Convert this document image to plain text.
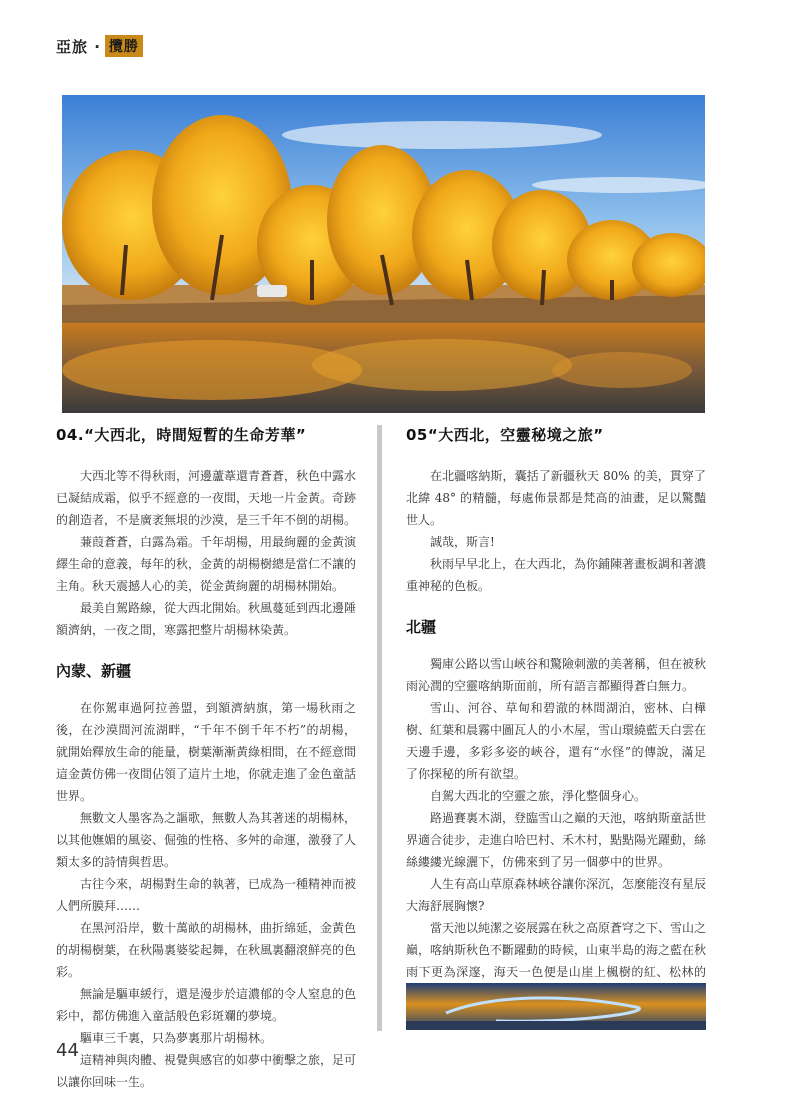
亞旅 · 攬勝
04.“大西北，時間短暫的生命芳華”

大西北等不得秋雨，河邊蘆葦還青蒼蒼，秋色中露水已凝結成霜，似乎不經意的一夜間，天地一片金黃。奇跡的創造者，不是廣袤無垠的沙漠，是三千年不倒的胡楊。

蒹葭蒼蒼，白露為霜。千年胡楊，用最絢麗的金黃演繹生命的意義，每年的秋，金黃的胡楊樹總是當仁不讓的主角。秋天震撼人心的美，從金黃絢麗的胡楊林開始。

最美自駕路線，從大西北開始。秋風蔓延到西北邊陲額濟納，一夜之間，寒露把整片胡楊林染黃。

內蒙、新疆

在你駕車過阿拉善盟，到額濟納旗，第一場秋雨之後，在沙漠間河流湖畔，“千年不倒千年不朽”的胡楊，就開始釋放生命的能量，樹葉漸漸黃綠相間，在不經意間這金黃仿佛一夜間佔領了這片土地，你就走進了金色童話世界。

無數文人墨客為之謳歌，無數人為其著迷的胡楊林，以其他嫵媚的風姿、倔強的性格、多舛的命運，激發了人類太多的詩情與哲思。

古往今來，胡楊對生命的執著，已成為一種精神而被人們所膜拜……

在黑河沿岸，數十萬畝的胡楊林，曲折綿延，金黃色的胡楊樹葉，在秋陽裏婆娑起舞，在秋風裏翻滾鮮亮的色彩。

無論是驅車緩行，還是漫步於這濃郁的令人窒息的色彩中，都仿佛進入童話般色彩斑斕的夢境。

驅車三千裏，只為夢裏那片胡楊林。

這精神與肉體、視覺與感官的如夢中衝擊之旅，足可以讓你回味一生。

05“大西北，空靈秘境之旅”

在北疆喀納斯，囊括了新疆秋天 80% 的美，貫穿了北緯 48° 的精髓，每處佈景都是梵高的油畫，足以驚豔世人。

誠哉，斯言!

秋雨早早北上，在大西北，為你鋪陳著畫板調和著濃重神秘的色板。

北疆

獨庫公路以雪山峽谷和驚險刺激的美著稱，但在被秋雨沁潤的空靈喀納斯面前，所有語言都顯得蒼白無力。

雪山、河谷、草甸和碧澈的林間湖泊，密林、白樺樹、紅葉和晨霧中圖瓦人的小木屋，雪山環繞藍天白雲在天邊手邊，多彩多姿的峽谷，還有“水怪”的傳說，滿足了你探秘的所有欲望。

自駕大西北的空靈之旅，淨化整個身心。

路過賽裏木湖，登臨雪山之巔的天池，喀納斯童話世界適合徒步，走進白哈巴村、禾木村，點點陽光躍動，絲絲縷縷光線灑下，仿佛來到了另一個夢中的世界。

人生有高山草原森林峽谷讓你深沉，怎麼能沒有星辰大海舒展胸懷?

當天池以純潔之姿展露在秋之高原蒼穹之下、雪山之巔，喀納斯秋色不斷躍動的時候，山東半島的海之藍在秋雨下更為深邃，海天一色便是山崖上楓樹的紅、松林的

44
